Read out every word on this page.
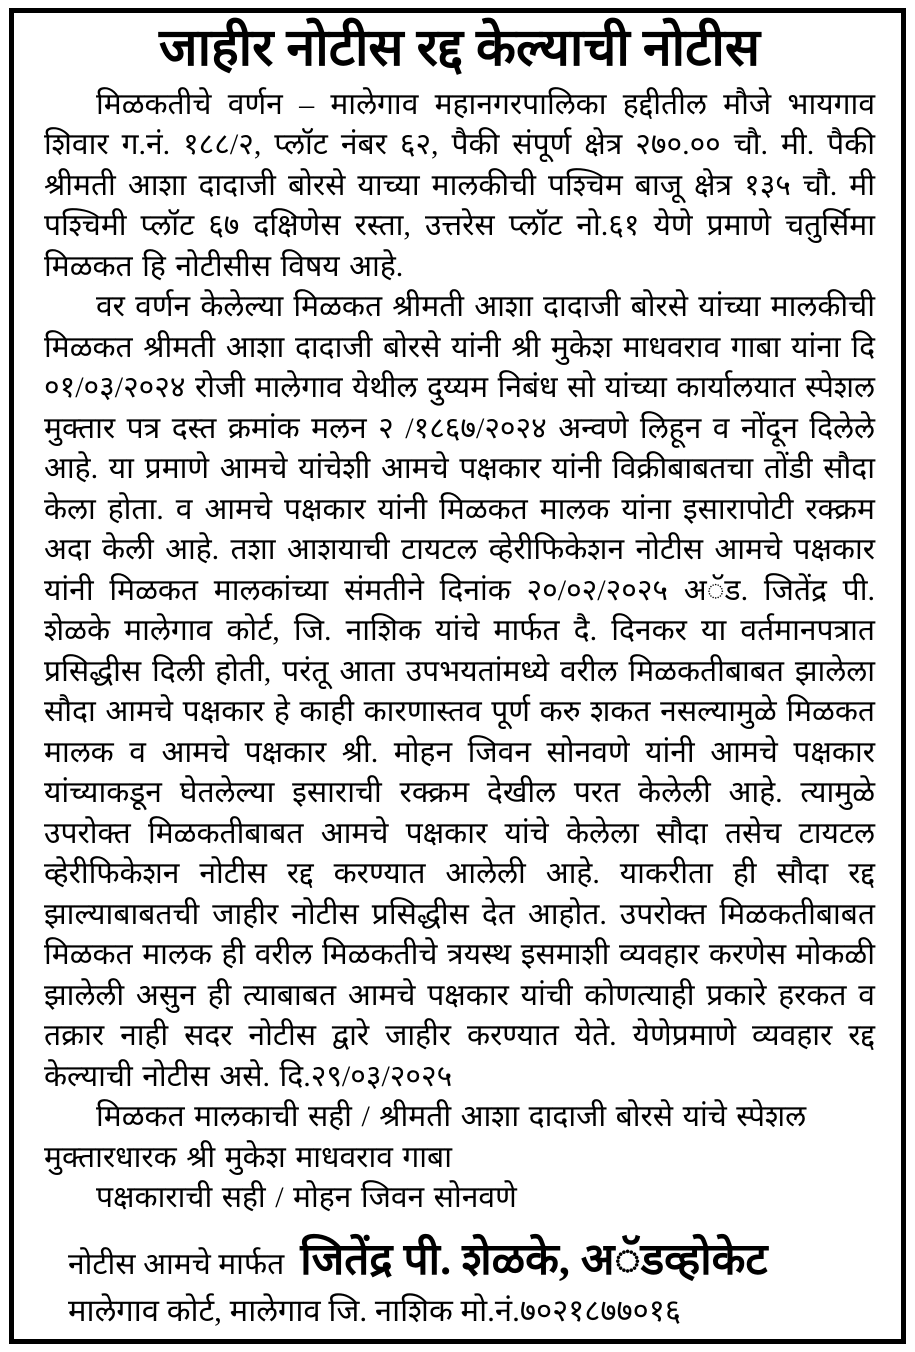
जाहीर नोटीस रद्द केल्याची नोटीस

मिळकतीचे वर्णन – मालेगाव महानगरपालिका हद्दीतील मौजे भायगाव शिवार ग.नं. १८८/२, प्लॉट नंबर ६२, पैकी संपूर्ण क्षेत्र २७०.०० चौ. मी. पैकी श्रीमती आशा दादाजी बोरसे याच्या मालकीची पश्चिम बाजू क्षेत्र १३५ चौ. मी पश्चिमी प्लॉट ६७ दक्षिणेस रस्ता, उत्तरेस प्लॉट नो.६१ येणे प्रमाणे चतुर्सिमा मिळकत हि नोटीसीस विषय आहे.

वर वर्णन केलेल्या मिळकत श्रीमती आशा दादाजी बोरसे यांच्या मालकीची मिळकत श्रीमती आशा दादाजी बोरसे यांनी श्री मुकेश माधवराव गाबा यांना दि ०१/०३/२०२४ रोजी मालेगाव येथील दुय्यम निबंध सो यांच्या कार्यालयात स्पेशल मुक्तार पत्र दस्त क्रमांक मलन २ /१८६७/२०२४ अन्वणे लिहून व नोंदून दिलेले आहे. या प्रमाणे आमचे यांचेशी आमचे पक्षकार यांनी विक्रीबाबतचा तोंडी सौदा केला होता. व आमचे पक्षकार यांनी मिळकत मालक यांना इसारापोटी रक्क्रम अदा केली आहे. तशा आशयाची टायटल व्हेरीफिकेशन नोटीस आमचे पक्षकार यांनी मिळकत मालकांच्या संमतीने दिनांक २०/०२/२०२५ अॅड. जितेंद्र पी. शेळके मालेगाव कोर्ट, जि. नाशिक यांचे मार्फत दै. दिनकर या वर्तमानपत्रात प्रसिद्धीस दिली होती, परंतू आता उपभयतांमध्ये वरील मिळकतीबाबत झालेला सौदा आमचे पक्षकार हे काही कारणास्तव पूर्ण करु शकत नसल्यामुळे मिळकत मालक व आमचे पक्षकार श्री. मोहन जिवन सोनवणे यांनी आमचे पक्षकार यांच्याकडून घेतलेल्या इसाराची रक्क्रम देखील परत केलेली आहे. त्यामुळे उपरोक्त मिळकतीबाबत आमचे पक्षकार यांचे केलेला सौदा तसेच टायटल व्हेरीफिकेशन नोटीस रद्द करण्यात आलेली आहे. याकरीता ही सौदा रद्द झाल्याबाबतची जाहीर नोटीस प्रसिद्धीस देत आहोत. उपरोक्त मिळकतीबाबत मिळकत मालक ही वरील मिळकतीचे त्रयस्थ इसमाशी व्यवहार करणेस मोकळी झालेली असुन ही त्याबाबत आमचे पक्षकार यांची कोणत्याही प्रकारे हरकत व तक्रार नाही सदर नोटीस द्वारे जाहीर करण्यात येते. येणेप्रमाणे व्यवहार रद्द केल्याची नोटीस असे. दि.२९/०३/२०२५

मिळकत मालकाची सही / श्रीमती आशा दादाजी बोरसे यांचे स्पेशल मुक्तारधारक श्री मुकेश माधवराव गाबा

पक्षकाराची सही / मोहन जिवन सोनवणे

नोटीस आमचे मार्फत जितेंद्र पी. शेळके, अॅडव्होकेट
मालेगाव कोर्ट, मालेगाव जि. नाशिक मो.नं.७०२१८७७०१६
